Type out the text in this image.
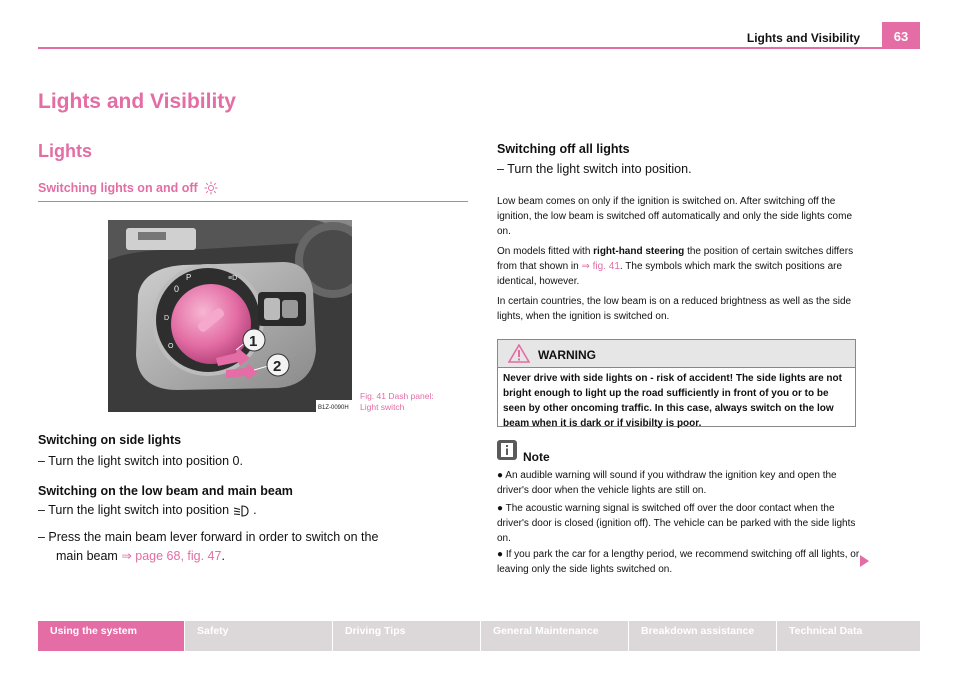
Lights and Visibility	63
Lights and Visibility
Lights
Switching lights on and off
0
P	≡D
D
O	1
2
B1Z-0090H
Fig. 41 Dash panel:
Light switch
Switching on side lights
– Turn the light switch into position 0.
Switching on the low beam and main beam
– Turn the light switch into position .
– Press the main beam lever forward in order to switch on the
main beam ⇒ page 68, fig. 47.
Switching off all lights
– Turn the light switch into position.
Low beam comes on only if the ignition is switched on. After switching off the ignition, the low beam is switched off automatically and only the side lights come on.
On models fitted with right-hand steering the position of certain switches differs from that shown in ⇒ fig. 41. The symbols which mark the switch positions are identical, however.
In certain countries, the low beam is on a reduced brightness as well as the side lights, when the ignition is switched on.
WARNING
Never drive with side lights on - risk of accident! The side lights are not bright enough to light up the road sufficiently in front of you or to be seen by other oncoming traffic. In this case, always switch on the low beam when it is dark or if visibilty is poor.
Note
● An audible warning will sound if you withdraw the ignition key and open the driver's door when the vehicle lights are still on.
● The acoustic warning signal is switched off over the door contact when the driver's door is closed (ignition off). The vehicle can be parked with the side lights on.
● If you park the car for a lengthy period, we recommend switching off all lights, or leaving only the side lights switched on.
Using the system	Safety	Driving Tips	General Maintenance	Breakdown assistance	Technical Data
